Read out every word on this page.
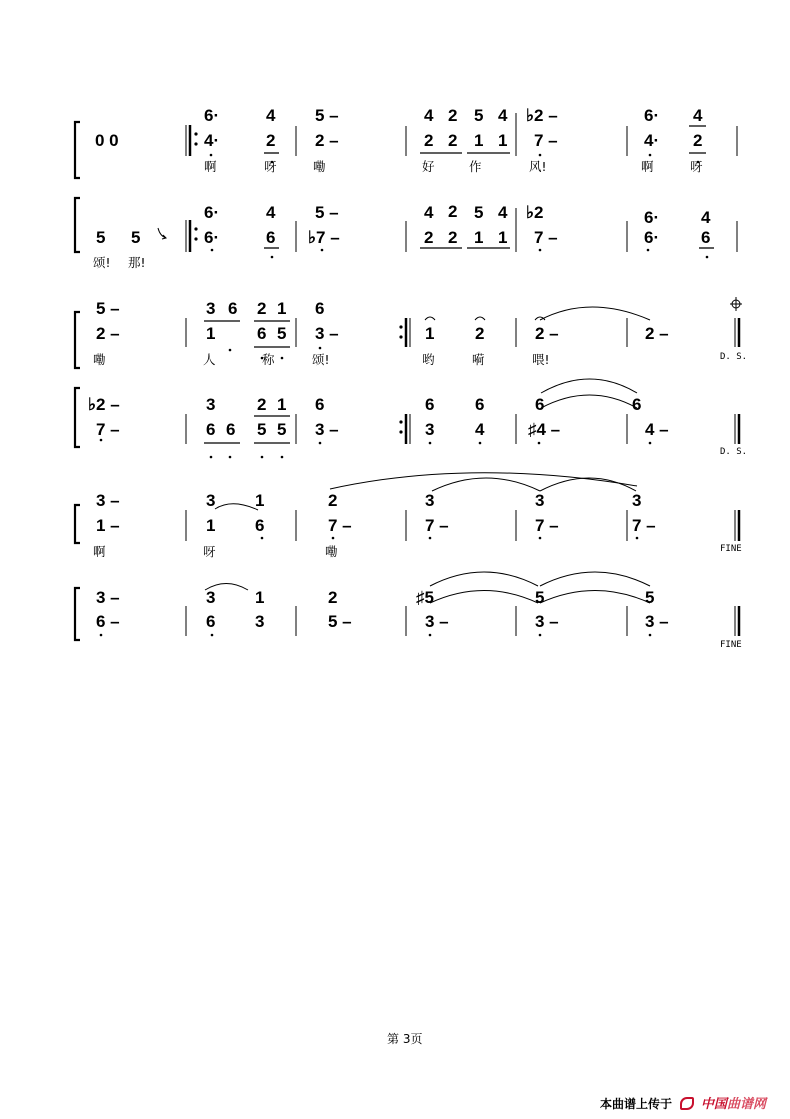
0 0
6·	4 5 –	4 2 5 4 ♭2 –	6· 4
4·	2 2 –	2 2 1 1 7 –	4· 2
啊	呀	嘞	好	作	风!	啊	呀
5 5
6·	4 5 –	4 2 5 4 ♭2	6· 4
6·	6 ♭7 –	2 2 1 1 7 –	6· 6
颂! 那!
5 –	3 6 2 1 6
2 –	1 6 5 3 –	1 2	2 –	2 –
嘞	人	称	颂!	哟	嗬	喂!	D. S.
♭2 –	3 2 1 6	6 6	6	6
7 –	6 6 5 5 3 –	3 4	♯4 –	4 –
D. S.
3 –	3 1	2	3	3	3
1 –	1 6	7 –	7 –	7 –	7 –
啊	呀	嘞	FINE
3 –	3 1	2	♯5	5	5
6 –	6 3	5 –	3 –	3 –	3 –
FINE
第 3页
本曲谱上传于 中国曲谱网
